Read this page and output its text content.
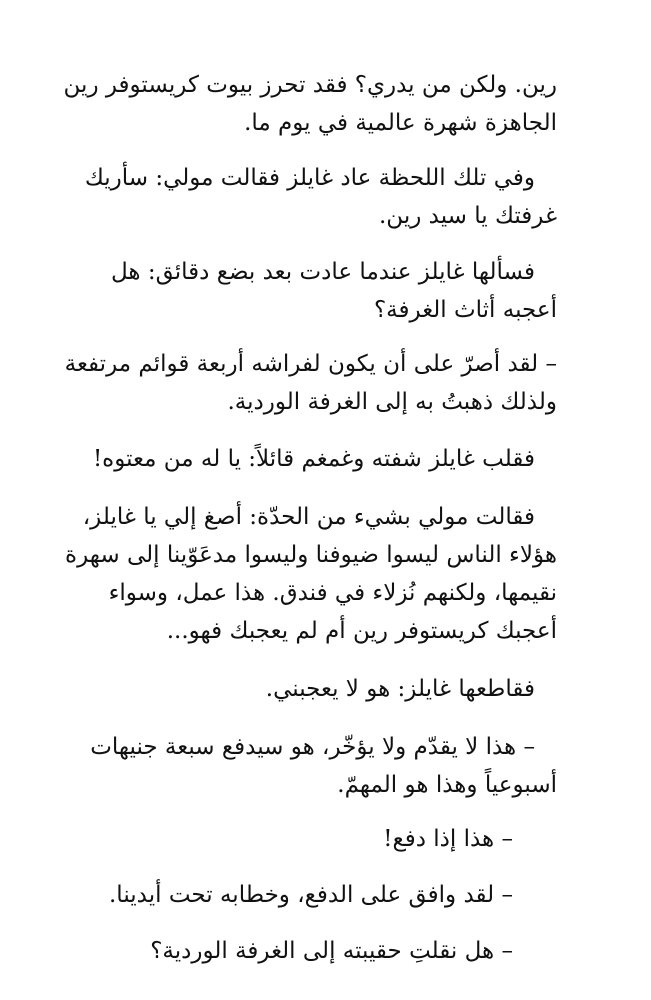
رين. ولكن من يدري؟ فقد تحرز بيوت كريستوفر رين
الجاهزة شهرة عالمية في يوم ما.
وفي تلك اللحظة عاد غايلز فقالت مولي: سأريك
غرفتك يا سيد رين.
فسألها غايلز عندما عادت بعد بضع دقائق: هل
أعجبه أثاث الغرفة؟
– لقد أصرّ على أن يكون لفراشه أربعة قوائم مرتفعة
ولذلك ذهبتُ به إلى الغرفة الوردية.
فقلب غايلز شفته وغمغم قائلاً: يا له من معتوه!
فقالت مولي بشيء من الحدّة: أصغ إلي يا غايلز،
هؤلاء الناس ليسوا ضيوفنا وليسوا مدعَوّينا إلى سهرة
نقيمها، ولكنهم نُزلاء في فندق. هذا عمل، وسواء
أعجبك كريستوفر رين أم لم يعجبك فهو...
فقاطعها غايلز: هو لا يعجبني.
– هذا لا يقدّم ولا يؤخّر، هو سيدفع سبعة جنيهات
أسبوعياً وهذا هو المهمّ.
– هذا إذا دفع!
– لقد وافق على الدفع، وخطابه تحت أيدينا.
– هل نقلتِ حقيبته إلى الغرفة الوردية؟
